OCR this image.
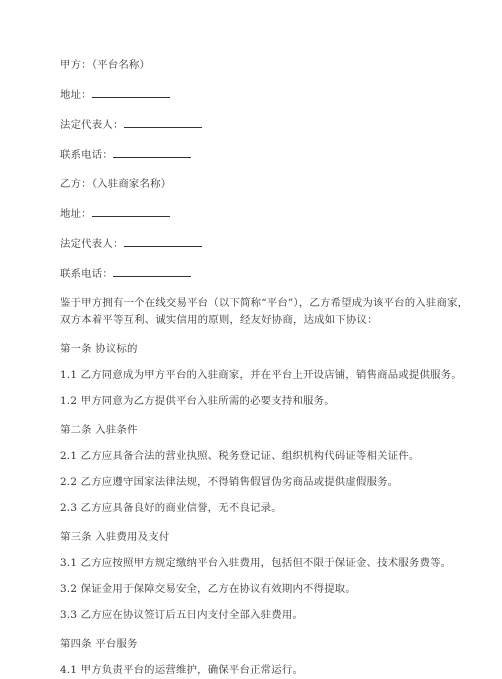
甲方：（平台名称）
地址：
法定代表人：
联系电话：
乙方：（入驻商家名称）
地址：
法定代表人：
联系电话：
鉴于甲方拥有一个在线交易平台（以下简称“平台”），乙方希望成为该平台的入驻商家，双方本着平等互利、诚实信用的原则，经友好协商，达成如下协议：
第一条 协议标的
1.1 乙方同意成为甲方平台的入驻商家，并在平台上开设店铺，销售商品或提供服务。
1.2 甲方同意为乙方提供平台入驻所需的必要支持和服务。
第二条 入驻条件
2.1 乙方应具备合法的营业执照、税务登记证、组织机构代码证等相关证件。
2.2 乙方应遵守国家法律法规，不得销售假冒伪劣商品或提供虚假服务。
2.3 乙方应具备良好的商业信誉，无不良记录。
第三条 入驻费用及支付
3.1 乙方应按照甲方规定缴纳平台入驻费用，包括但不限于保证金、技术服务费等。
3.2 保证金用于保障交易安全，乙方在协议有效期内不得提取。
3.3 乙方应在协议签订后五日内支付全部入驻费用。
第四条 平台服务
4.1 甲方负责平台的运营维护，确保平台正常运行。
